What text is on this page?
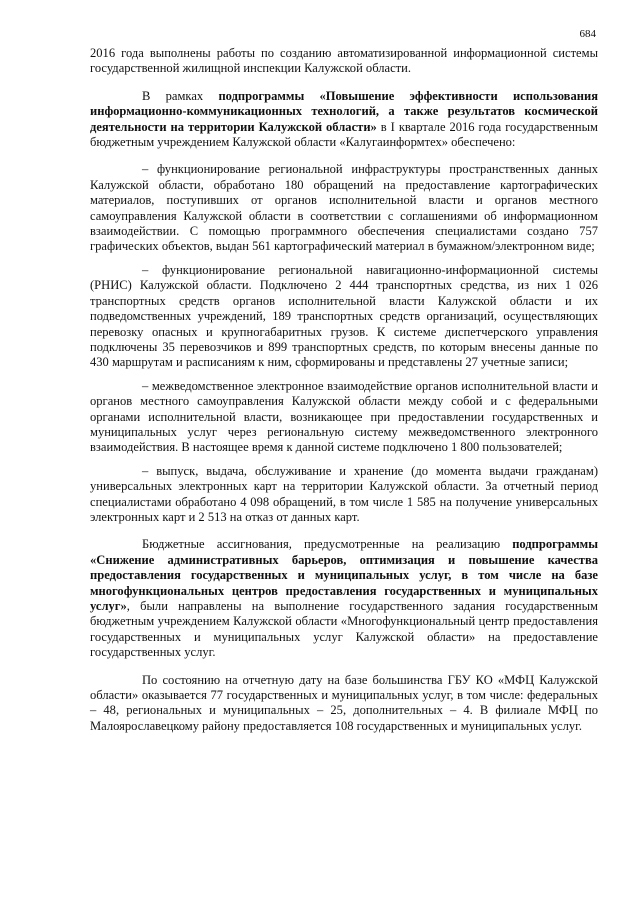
684

2016 года выполнены работы по созданию автоматизированной информационной системы государственной жилищной инспекции Калужской области.

В рамках подпрограммы «Повышение эффективности использования информационно-коммуникационных технологий, а также результатов космической деятельности на территории Калужской области» в I квартале 2016 года государственным бюджетным учреждением Калужской области «Калугаинформтех» обеспечено:

– функционирование региональной инфраструктуры пространственных данных Калужской области, обработано 180 обращений на предоставление картографических материалов, поступивших от органов исполнительной власти и органов местного самоуправления Калужской области в соответствии с соглашениями об информационном взаимодействии. С помощью программного обеспечения специалистами создано 757 графических объектов, выдан 561 картографический материал в бумажном/электронном виде;

– функционирование региональной навигационно-информационной системы (РНИС) Калужской области. Подключено 2 444 транспортных средства, из них 1 026 транспортных средств органов исполнительной власти Калужской области и их подведомственных учреждений, 189 транспортных средств организаций, осуществляющих перевозку опасных и крупногабаритных грузов. К системе диспетчерского управления подключены 35 перевозчиков и 899 транспортных средств, по которым внесены данные по 430 маршрутам и расписаниям к ним, сформированы и представлены 27 учетные записи;

– межведомственное электронное взаимодействие органов исполнительной власти и органов местного самоуправления Калужской области между собой и с федеральными органами исполнительной власти, возникающее при предоставлении государственных и муниципальных услуг через региональную систему межведомственного электронного взаимодействия. В настоящее время к данной системе подключено 1 800 пользователей;

– выпуск, выдача, обслуживание и хранение (до момента выдачи гражданам) универсальных электронных карт на территории Калужской области. За отчетный период специалистами обработано 4 098 обращений, в том числе 1 585 на получение универсальных электронных карт и 2 513 на отказ от данных карт.

Бюджетные ассигнования, предусмотренные на реализацию подпрограммы «Снижение административных барьеров, оптимизация и повышение качества предоставления государственных и муниципальных услуг, в том числе на базе многофункциональных центров предоставления государственных и муниципальных услуг», были направлены на выполнение государственного задания государственным бюджетным учреждением Калужской области «Многофункциональный центр предоставления государственных и муниципальных услуг Калужской области» на предоставление государственных услуг.

По состоянию на отчетную дату на базе большинства ГБУ КО «МФЦ Калужской области» оказывается 77 государственных и муниципальных услуг, в том числе: федеральных – 48, региональных и муниципальных – 25, дополнительных – 4. В филиале МФЦ по Малоярославецкому району предоставляется 108 государственных и муниципальных услуг.
